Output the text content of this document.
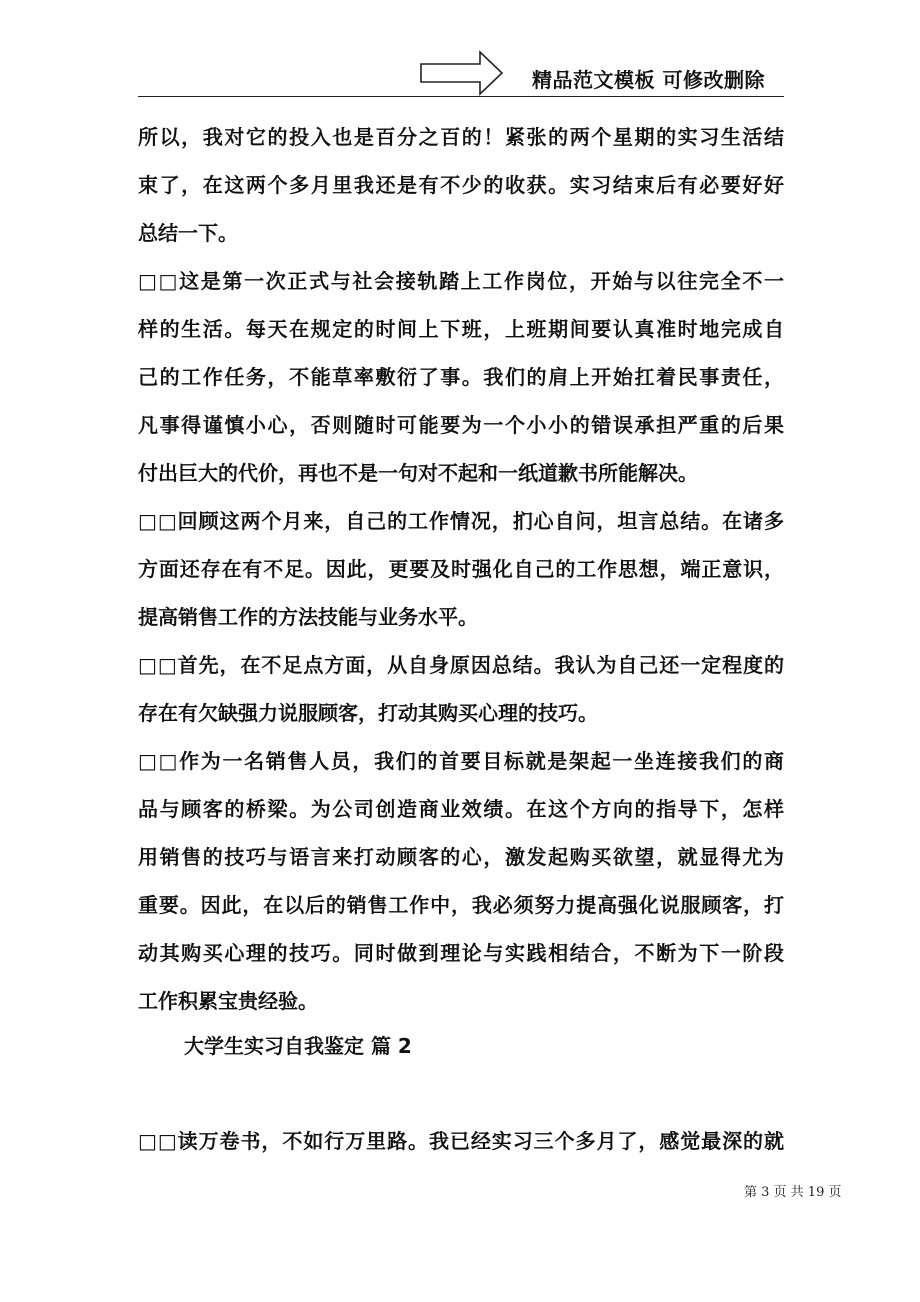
精品范文模板 可修改删除
所以，我对它的投入也是百分之百的！紧张的两个星期的实习生活结
束了，在这两个多月里我还是有不少的收获。实习结束后有必要好好
总结一下。
□□这是第一次正式与社会接轨踏上工作岗位，开始与以往完全不一
样的生活。每天在规定的时间上下班，上班期间要认真准时地完成自
己的工作任务，不能草率敷衍了事。我们的肩上开始扛着民事责任，
凡事得谨慎小心，否则随时可能要为一个小小的错误承担严重的后果
付出巨大的代价，再也不是一句对不起和一纸道歉书所能解决。
□□回顾这两个月来，自己的工作情况，扪心自问，坦言总结。在诸多
方面还存在有不足。因此，更要及时强化自己的工作思想，端正意识，
提高销售工作的方法技能与业务水平。
□□首先，在不足点方面，从自身原因总结。我认为自己还一定程度的
存在有欠缺强力说服顾客，打动其购买心理的技巧。
□□作为一名销售人员，我们的首要目标就是架起一坐连接我们的商
品与顾客的桥梁。为公司创造商业效绩。在这个方向的指导下，怎样
用销售的技巧与语言来打动顾客的心，激发起购买欲望，就显得尤为
重要。因此，在以后的销售工作中，我必须努力提高强化说服顾客，打
动其购买心理的技巧。同时做到理论与实践相结合，不断为下一阶段
工作积累宝贵经验。
大学生实习自我鉴定 篇 2
□□读万卷书，不如行万里路。我已经实习三个多月了，感觉最深的就
第 3 页 共 19 页
